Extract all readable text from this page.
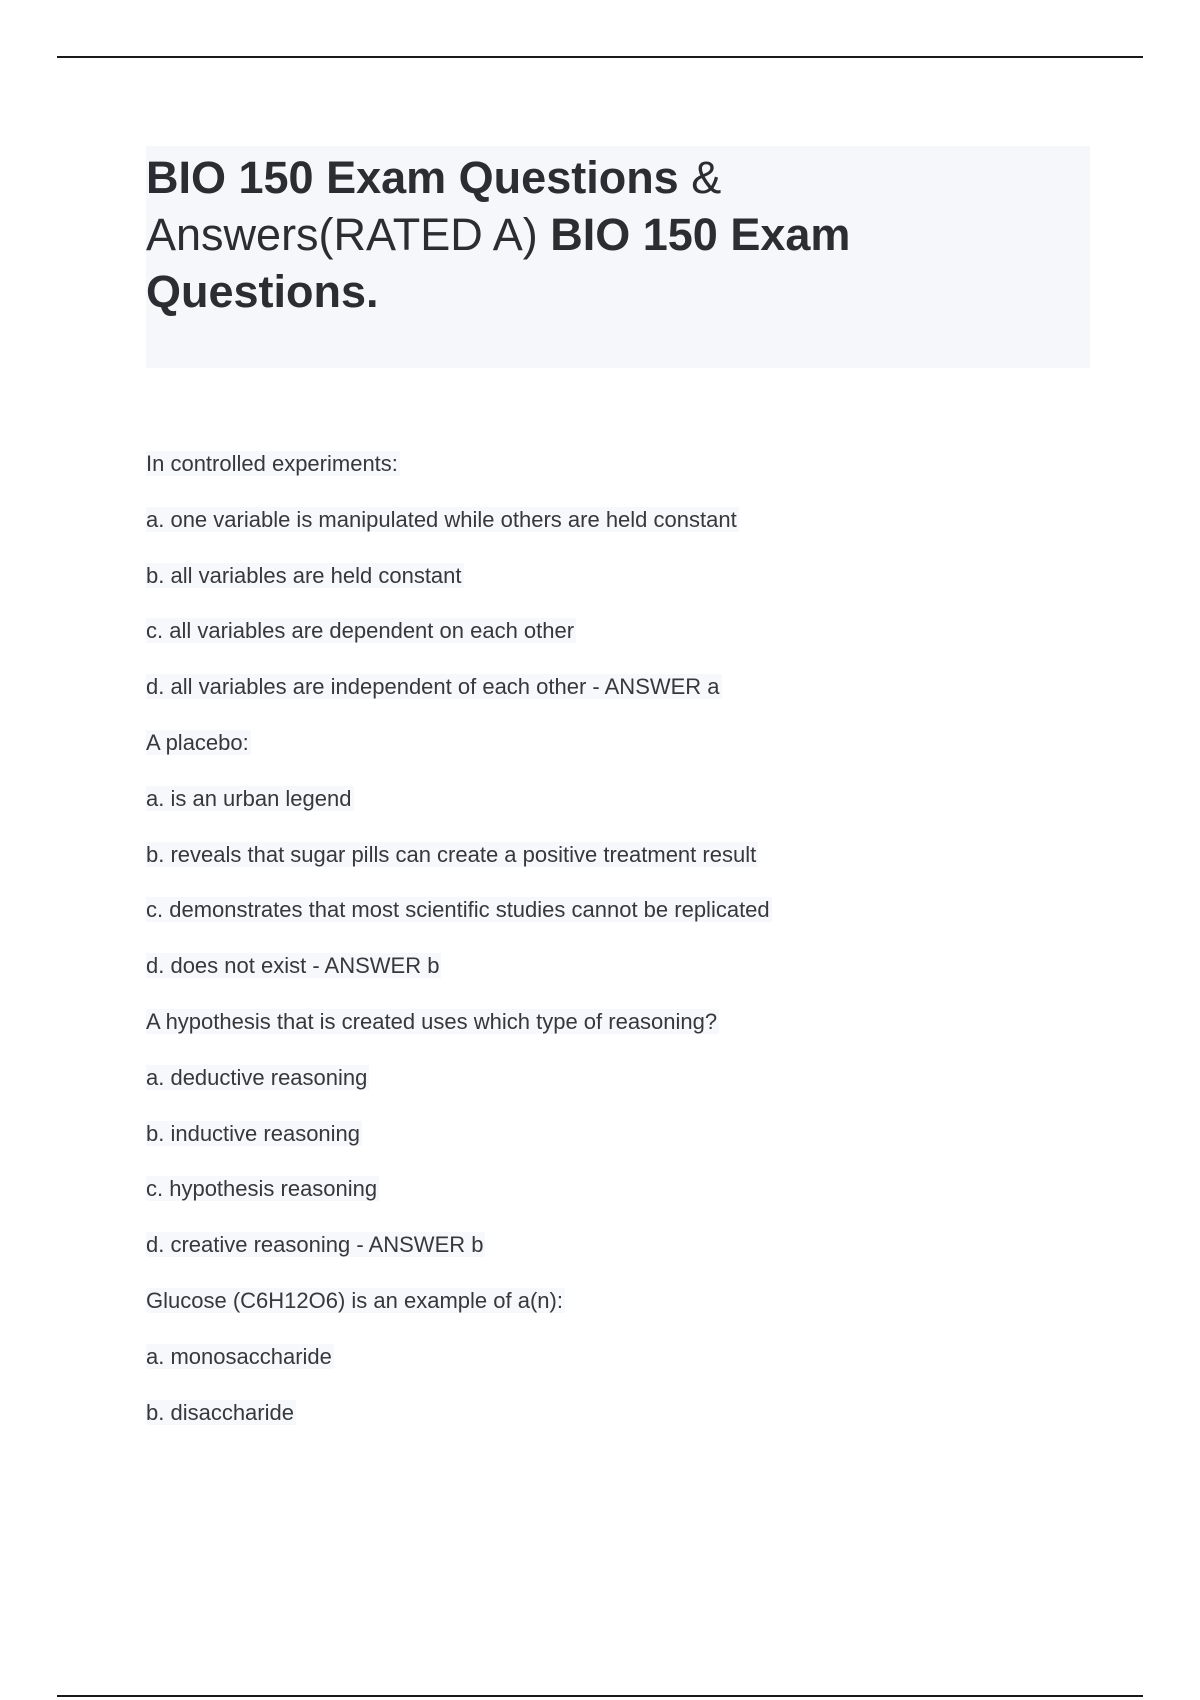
BIO 150 Exam Questions & Answers(RATED A) BIO 150 Exam Questions.
In controlled experiments:
a. one variable is manipulated while others are held constant
b. all variables are held constant
c. all variables are dependent on each other
d. all variables are independent of each other - ANSWER a
A placebo:
a. is an urban legend
b. reveals that sugar pills can create a positive treatment result
c. demonstrates that most scientific studies cannot be replicated
d. does not exist - ANSWER b
A hypothesis that is created uses which type of reasoning?
a. deductive reasoning
b. inductive reasoning
c. hypothesis reasoning
d. creative reasoning - ANSWER b
Glucose (C6H12O6) is an example of a(n):
a. monosaccharide
b. disaccharide
